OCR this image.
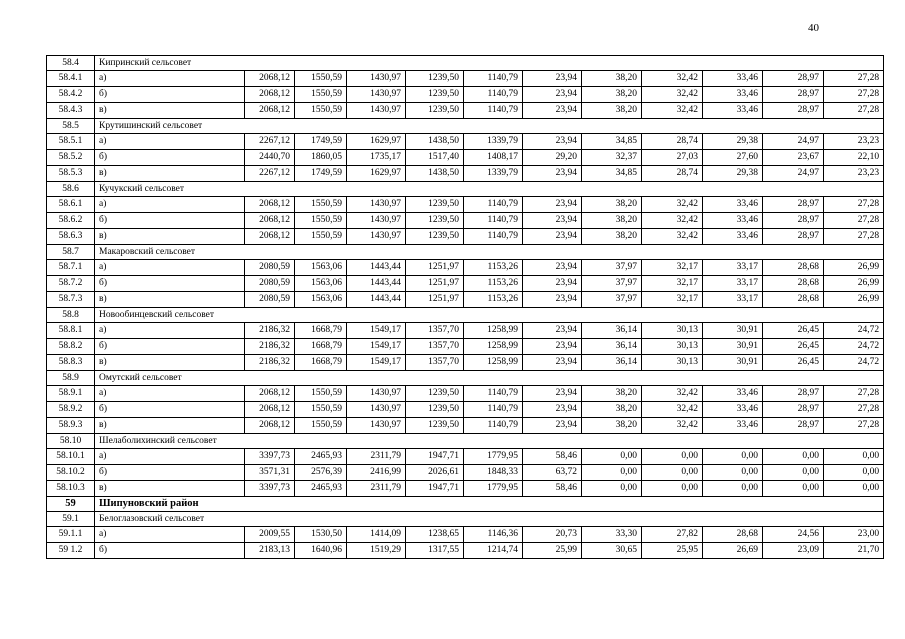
40
58.4	Кипринский сельсовет											
58.4.1	а)	2068,12	1550,59	1430,97	1239,50	1140,79	23,94	38,20	32,42	33,46	28,97	27,28
58.4.2	б)	2068,12	1550,59	1430,97	1239,50	1140,79	23,94	38,20	32,42	33,46	28,97	27,28
58.4.3	в)	2068,12	1550,59	1430,97	1239,50	1140,79	23,94	38,20	32,42	33,46	28,97	27,28
58.5	Крутишинский сельсовет											
58.5.1	а)	2267,12	1749,59	1629,97	1438,50	1339,79	23,94	34,85	28,74	29,38	24,97	23,23
58.5.2	б)	2440,70	1860,05	1735,17	1517,40	1408,17	29,20	32,37	27,03	27,60	23,67	22,10
58.5.3	в)	2267,12	1749,59	1629,97	1438,50	1339,79	23,94	34,85	28,74	29,38	24,97	23,23
58.6	Кучукский сельсовет											
58.6.1	а)	2068,12	1550,59	1430,97	1239,50	1140,79	23,94	38,20	32,42	33,46	28,97	27,28
58.6.2	б)	2068,12	1550,59	1430,97	1239,50	1140,79	23,94	38,20	32,42	33,46	28,97	27,28
58.6.3	в)	2068,12	1550,59	1430,97	1239,50	1140,79	23,94	38,20	32,42	33,46	28,97	27,28
58.7	Макаровский сельсовет											
58.7.1	а)	2080,59	1563,06	1443,44	1251,97	1153,26	23,94	37,97	32,17	33,17	28,68	26,99
58.7.2	б)	2080,59	1563,06	1443,44	1251,97	1153,26	23,94	37,97	32,17	33,17	28,68	26,99
58.7.3	в)	2080,59	1563,06	1443,44	1251,97	1153,26	23,94	37,97	32,17	33,17	28,68	26,99
58.8	Новообинцевский сельсовет											
58.8.1	а)	2186,32	1668,79	1549,17	1357,70	1258,99	23,94	36,14	30,13	30,91	26,45	24,72
58.8.2	б)	2186,32	1668,79	1549,17	1357,70	1258,99	23,94	36,14	30,13	30,91	26,45	24,72
58.8.3	в)	2186,32	1668,79	1549,17	1357,70	1258,99	23,94	36,14	30,13	30,91	26,45	24,72
58.9	Омутский сельсовет											
58.9.1	а)	2068,12	1550,59	1430,97	1239,50	1140,79	23,94	38,20	32,42	33,46	28,97	27,28
58.9.2	б)	2068,12	1550,59	1430,97	1239,50	1140,79	23,94	38,20	32,42	33,46	28,97	27,28
58.9.3	в)	2068,12	1550,59	1430,97	1239,50	1140,79	23,94	38,20	32,42	33,46	28,97	27,28
58.10	Шелаболихинский сельсовет											
58.10.1	а)	3397,73	2465,93	2311,79	1947,71	1779,95	58,46	0,00	0,00	0,00	0,00	0,00
58.10.2	б)	3571,31	2576,39	2416,99	2026,61	1848,33	63,72	0,00	0,00	0,00	0,00	0,00
58.10.3	в)	3397,73	2465,93	2311,79	1947,71	1779,95	58,46	0,00	0,00	0,00	0,00	0,00
59	Шипуновский район											
59.1	Белоглазовский сельсовет											
59.1.1	а)	2009,55	1530,50	1414,09	1238,65	1146,36	20,73	33,30	27,82	28,68	24,56	23,00
59 1.2	б)	2183,13	1640,96	1519,29	1317,55	1214,74	25,99	30,65	25,95	26,69	23,09	21,70
